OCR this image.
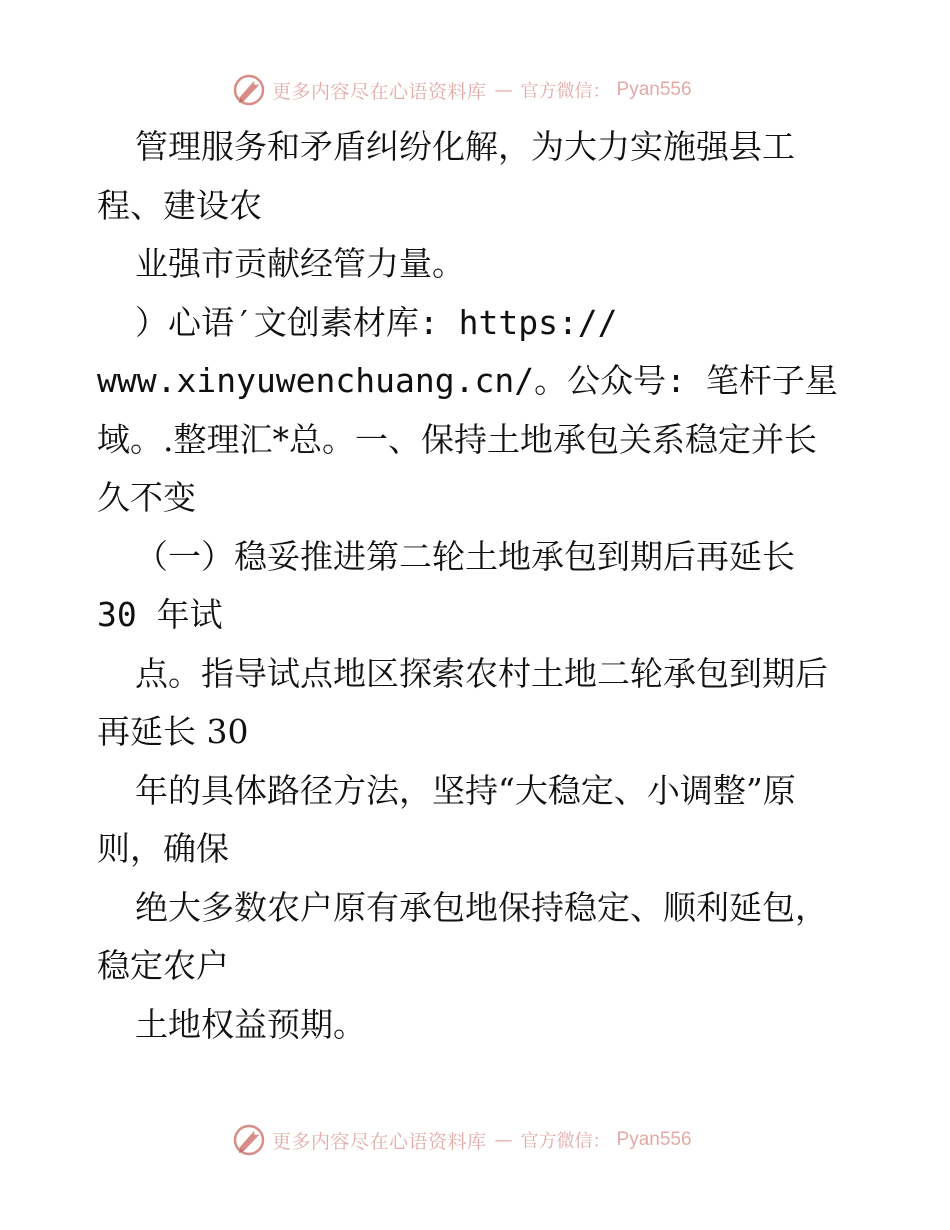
更多内容尽在心语资料库 — 官方微信： Pyan556
管理服务和矛盾纠纷化解，为大力实施强县工
程、建设农
业强市贡献经管力量。
）心语′文创素材库: https://
www.xinyuwenchuang.cn/。公众号: 笔杆子星
域。.整理汇*总。一、保持土地承包关系稳定并长
久不变
（一）稳妥推进第二轮土地承包到期后再延长
30 年试
点。指导试点地区探索农村土地二轮承包到期后
再延长 30
年的具体路径方法，坚持“大稳定、小调整”原
则，确保
绝大多数农户原有承包地保持稳定、顺利延包，
稳定农户
土地权益预期。
更多内容尽在心语资料库 — 官方微信： Pyan556
